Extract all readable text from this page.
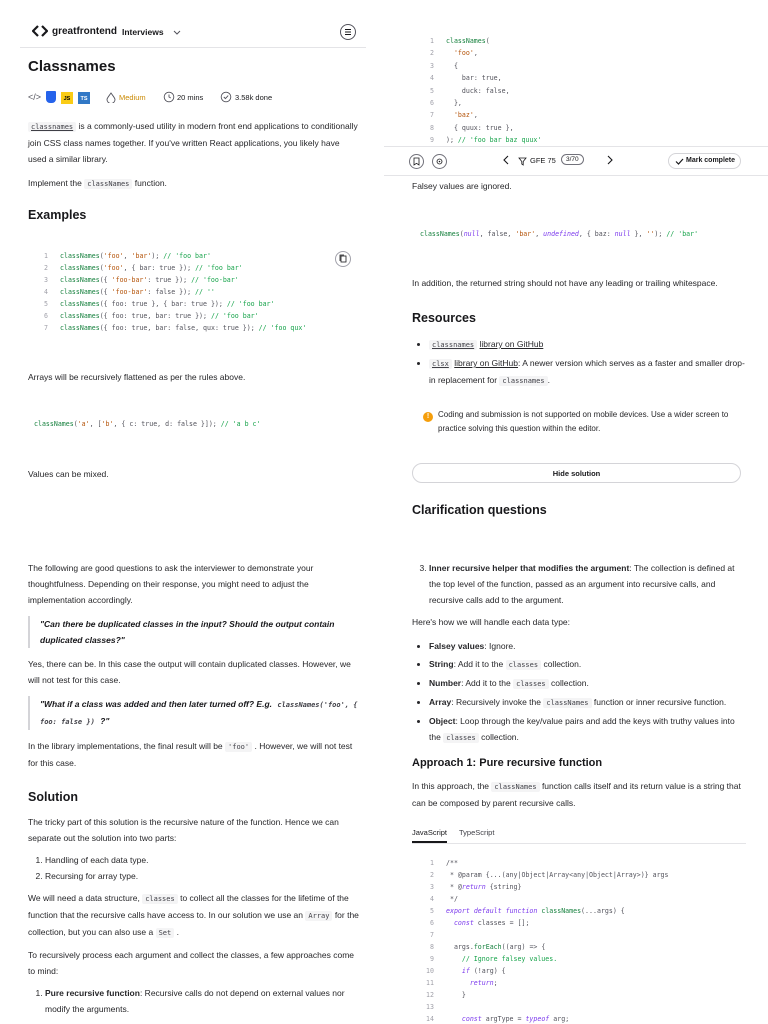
greatfrontend Interviews
Classnames
</>	JS	TS	Medium	20 mins	3.58k done

classnames is a commonly-used utility in modern front end applications to conditionally join CSS class names together. If you've written React applications, you likely have used a similar library.

Implement the classNames function.

Examples
1 classNames('foo', 'bar'); // 'foo bar'
2 classNames('foo', { bar: true }); // 'foo bar'
3 classNames({ 'foo-bar': true }); // 'foo-bar'
4 classNames({ 'foo-bar': false }); // ''
5 classNames({ foo: true }, { bar: true }); // 'foo bar'
6 classNames({ foo: true, bar: true }); // 'foo bar'
7 classNames({ foo: true, bar: false, qux: true }); // 'foo qux'

Arrays will be recursively flattened as per the rules above.

classNames('a', ['b', { c: true, d: false }]); // 'a b c'

Values can be mixed.

The following are good questions to ask the interviewer to demonstrate your thoughtfulness. Depending on their response, you might need to adjust the implementation accordingly.

"Can there be duplicated classes in the input? Should the output contain duplicated classes?"

Yes, there can be. In this case the output will contain duplicated classes. However, we will not test for this case.

"What if a class was added and then later turned off? E.g. classNames('foo', { foo: false }) ?"

In the library implementations, the final result will be 'foo' . However, we will not test for this case.

Solution

The tricky part of this solution is the recursive nature of the function. Hence we can separate out the solution into two parts:

1. Handling of each data type.
2. Recursing for array type.

We will need a data structure, classes to collect all the classes for the lifetime of the function that the recursive calls have access to. In our solution we use an Array for the collection, but you can also use a Set .

To recursively process each argument and collect the classes, a few approaches come to mind:

1. Pure recursive function: Recursive calls do not depend on external values nor modify the arguments.
1 classNames(
2	'foo',
3  {
4	bar: true,
5	duck: false,
6  },
7	'baz',
8  { quux: true },
9 ); // 'foo bar baz quux'
GFE 75	3/70	Mark complete

Falsey values are ignored.

classNames(null, false, 'bar', undefined, { baz: null }, ''); // 'bar'

In addition, the returned string should not have any leading or trailing whitespace.

Resources
• classnames library on GitHub
• clsx library on GitHub: A newer version which serves as a faster and smaller drop-in replacement for classnames .
!	Coding and submission is not supported on mobile devices. Use a wider screen to practice solving this question within the editor.

Hide solution
Clarification questions
3. Inner recursive helper that modifies the argument: The collection is defined at the top level of the function, passed as an argument into recursive calls, and recursive calls add to the argument.

Here's how we will handle each data type:

• Falsey values: Ignore.
• String: Add it to the classes collection.
• Number: Add it to the classes collection.
• Array: Recursively invoke the classNames function or inner recursive function.
• Object: Loop through the key/value pairs and add the keys with truthy values into the classes collection.
Approach 1: Pure recursive function

In this approach, the classNames function calls itself and its return value is a string that can be composed by parent recursive calls.

JavaScript TypeScript
1 /**
2 * @param {...(any|Object|Array<any|Object|Array>)} args
3 * @return {string}
4 */
5 export default function classNames(...args) {
6	const classes = [];
7
8	args.forEach((arg) => {
9	// Ignore falsey values.
10	if (!arg) {
11	return;
12    }
13
14	const argType = typeof arg;
